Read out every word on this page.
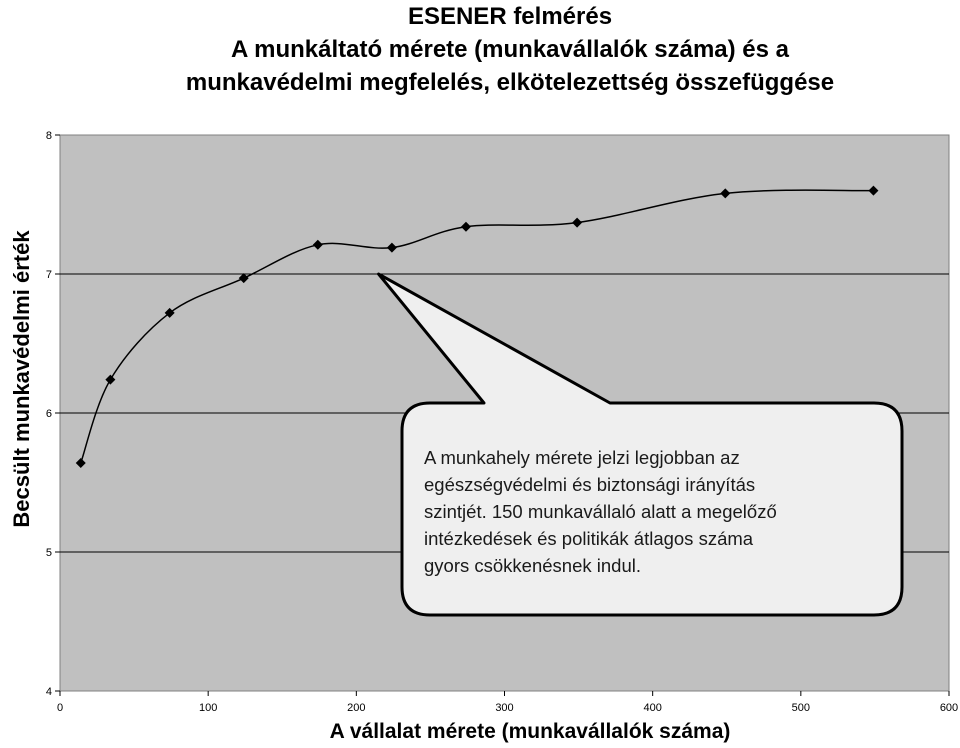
ESENER felmérés
A munkáltató mérete (munkavállalók száma) és a
munkavédelmi megfelelés, elkötelezettség összefüggése
Becsült munkavédelmi érték
A vállalat mérete (munkavállalók száma)
4
5
6
7
8
0	100	200	300	400	500	600
A munkahely mérete jelzi legjobban az
egészségvédelmi és biztonsági irányítás
szintjét. 150 munkavállaló alatt a megelőző
intézkedések és politikák átlagos száma
gyors csökkenésnek indul.
